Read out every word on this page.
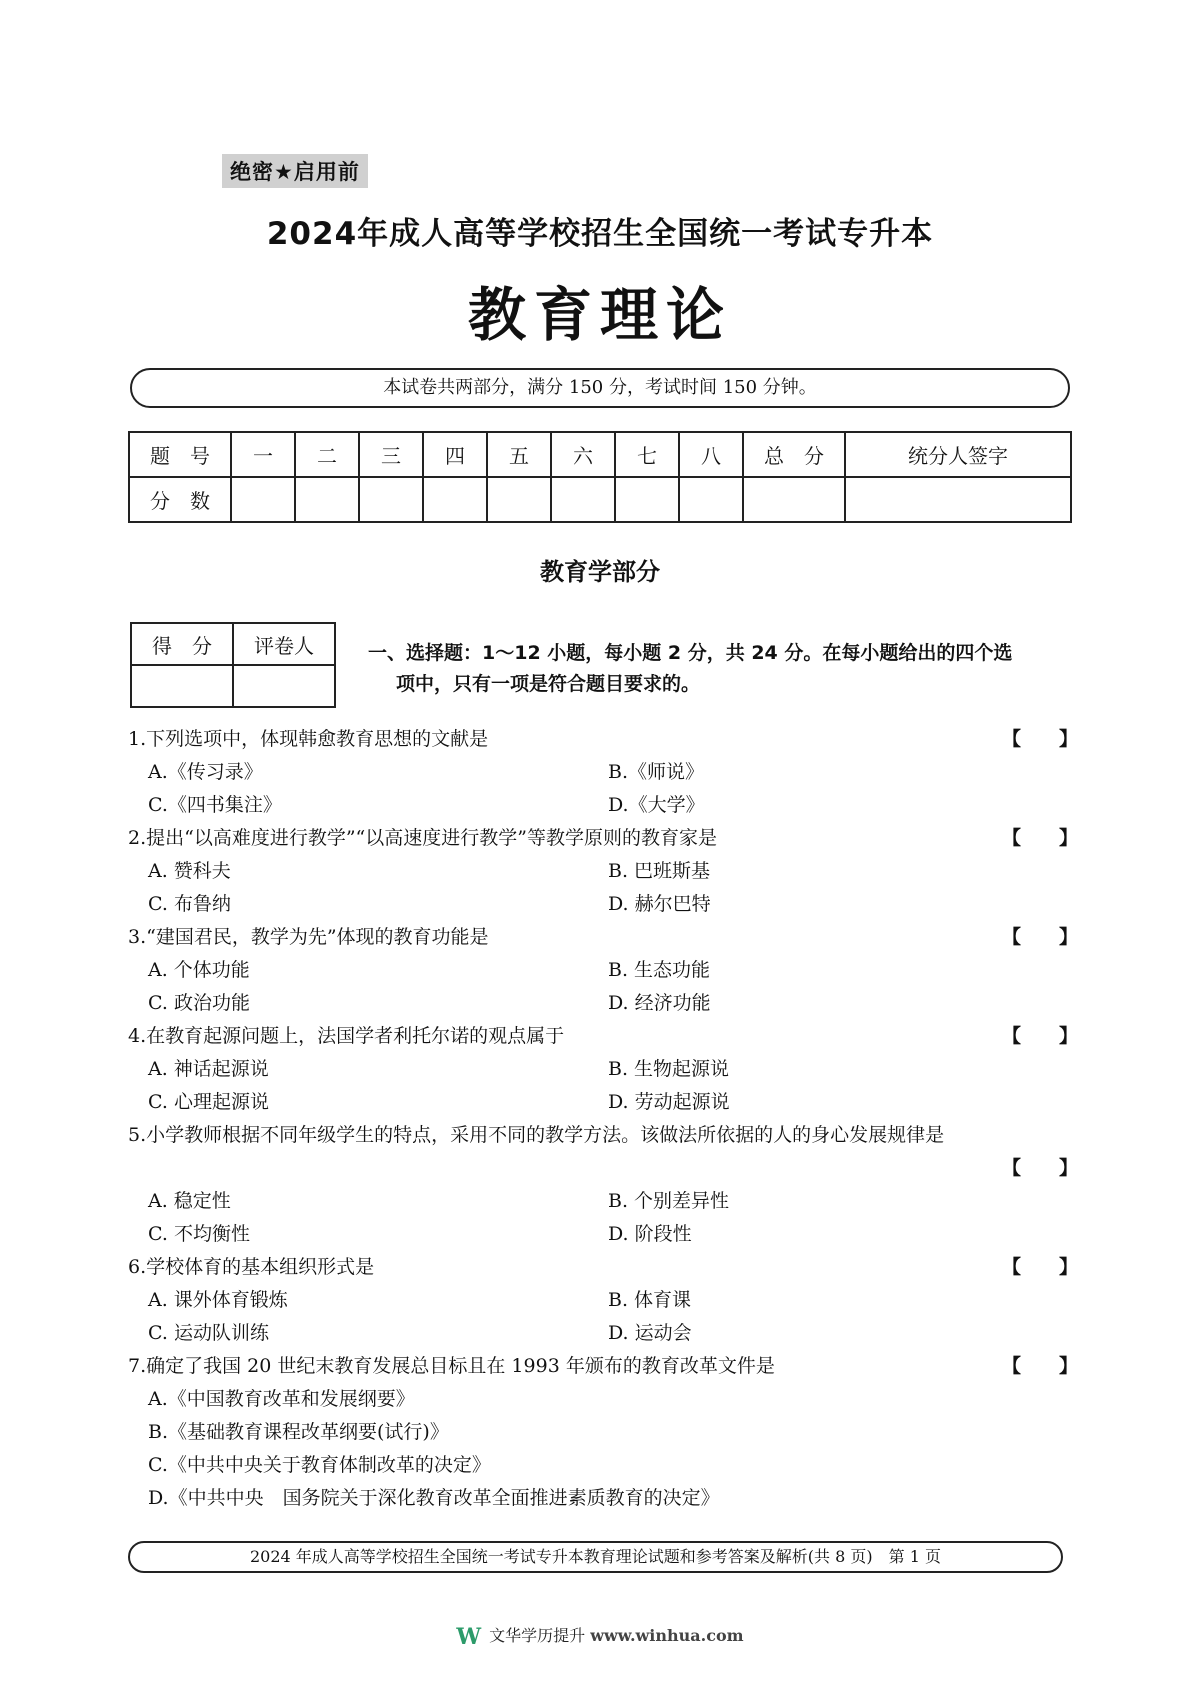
绝密★启用前
2024年成人高等学校招生全国统一考试专升本
教育理论
本试卷共两部分，满分 150 分，考试时间 150 分钟。
题　号	一	二	三	四	五	六	七	八	总　分	统分人签字
分　数										
教育学部分
得　分	评卷人
		一、选择题：1～12 小题，每小题 2 分，共 24 分。在每小题给出的四个选
项中，只有一项是符合题目要求的。
1.下列选项中，体现韩愈教育思想的文献是	【　　】
A.《传习录》	B.《师说》
C.《四书集注》	D.《大学》
2.提出“以高难度进行教学”“以高速度进行教学”等教学原则的教育家是	【　　】
A. 赞科夫	B. 巴班斯基
C. 布鲁纳	D. 赫尔巴特
3.“建国君民，教学为先”体现的教育功能是	【　　】
A. 个体功能	B. 生态功能
C. 政治功能	D. 经济功能
4.在教育起源问题上，法国学者利托尔诺的观点属于	【　　】
A. 神话起源说	B. 生物起源说
C. 心理起源说	D. 劳动起源说
5.小学教师根据不同年级学生的特点，采用不同的教学方法。该做法所依据的人的身心发展规律是
【　　】
A. 稳定性	B. 个别差异性
C. 不均衡性	D. 阶段性
6.学校体育的基本组织形式是	【　　】
A. 课外体育锻炼	B. 体育课
C. 运动队训练	D. 运动会
7.确定了我国 20 世纪末教育发展总目标且在 1993 年颁布的教育改革文件是	【　　】
A.《中国教育改革和发展纲要》
B.《基础教育课程改革纲要(试行)》
C.《中共中央关于教育体制改革的决定》
D.《中共中央　国务院关于深化教育改革全面推进素质教育的决定》
2024 年成人高等学校招生全国统一考试专升本教育理论试题和参考答案及解析(共 8 页)　第 1 页
W 文华学历提升 www.winhua.com
